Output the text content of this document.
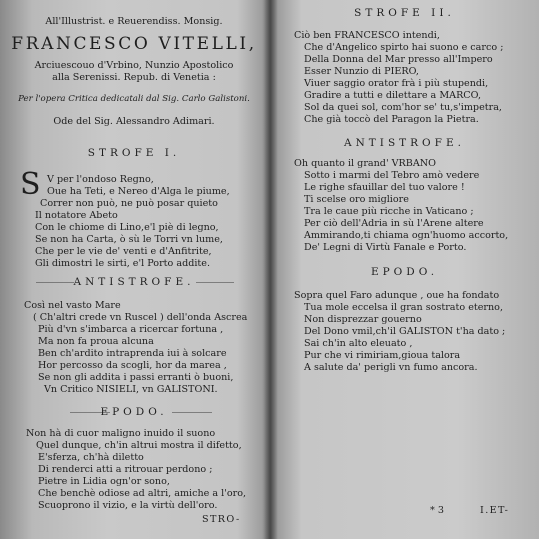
All'Illustrist. e Reuerendiss. Monsig.
FRANCESCO VITELLI,
Arciuescouo d'Vrbino, Nunzio Apostolico
alla Serenissi. Repub. di Venetia :
Per l'opera Critica dedicatali dal Sig. Carlo Galistoni.
Ode del Sig. Alessandro Adimari.
STROFE I.
S V per l'ondoso Regno,
Oue ha Teti, e Nereo d'Alga le piume,
Correr non può, ne può posar quieto
Il notatore Abeto
Con le chiome di Lino,e'l piè di legno,
Se non ha Carta, ò sù le Torri vn lume,
Che per le vie de' venti e d'Anfitrite,
Gli dimostri le sirti, e'l Porto addite.
ANTISTROFE.
Così nel vasto Mare
( Ch'altri crede vn Ruscel ) dell'onda Ascrea
Più d'vn s'imbarca a ricercar fortuna ,
Ma non fa proua alcuna
Ben ch'ardito intraprenda iui à solcare
Hor percosso da scogli, hor da marea ,
Se non gli addita i passi erranti ò buoni,
Vn Critico NISIELI, vn GALISTONI.
EPODO.
Non hà di cuor maligno inuido il suono
Quel dunque, ch'in altrui mostra il difetto,
E'sferza, ch'hà diletto
Di renderci atti a ritrouar perdono ;
Pietre in Lidia ogn'or sono,
Che benchè odiose ad altri, amiche a l'oro,
Scuoprono il vizio, e la virtù dell'oro.
STRO-
STROFE II.
Ciò ben FRANCESCO intendi,
Che d'Angelico spirto hai suono e carco ;
Della Donna del Mar presso all'Impero
Esser Nunzio di PIERO,
Viuer saggio orator frà i più stupendi,
Gradire a tutti e dilettare a MARCO,
Sol da quei sol, com'hor se' tu,s'impetra,
Che già toccò del Paragon la Pietra.
ANTISTROFE.
Oh quanto il grand' VRBANO
Sotto i marmi del Tebro amò vedere
Le righe sfauillar del tuo valore !
Ti scelse oro migliore
Tra le caue più ricche in Vaticano ;
Per ciò dell'Adria in sù l'Arene altere
Ammirando,ti chiama ogn'huomo accorto,
De' Legni di Virtù Fanale e Porto.
EPODO.
Sopra quel Faro adunque , oue ha fondato
Tua mole eccelsa il gran sostrato eterno,
Non disprezzar gouerno
Del Dono vmil,ch'il GALISTON t'ha dato ;
Sai ch'in alto eleuato ,
Pur che vi rimiriam,gioua talora
A salute da' perigli vn fumo ancora.
* 3	I.ET-
